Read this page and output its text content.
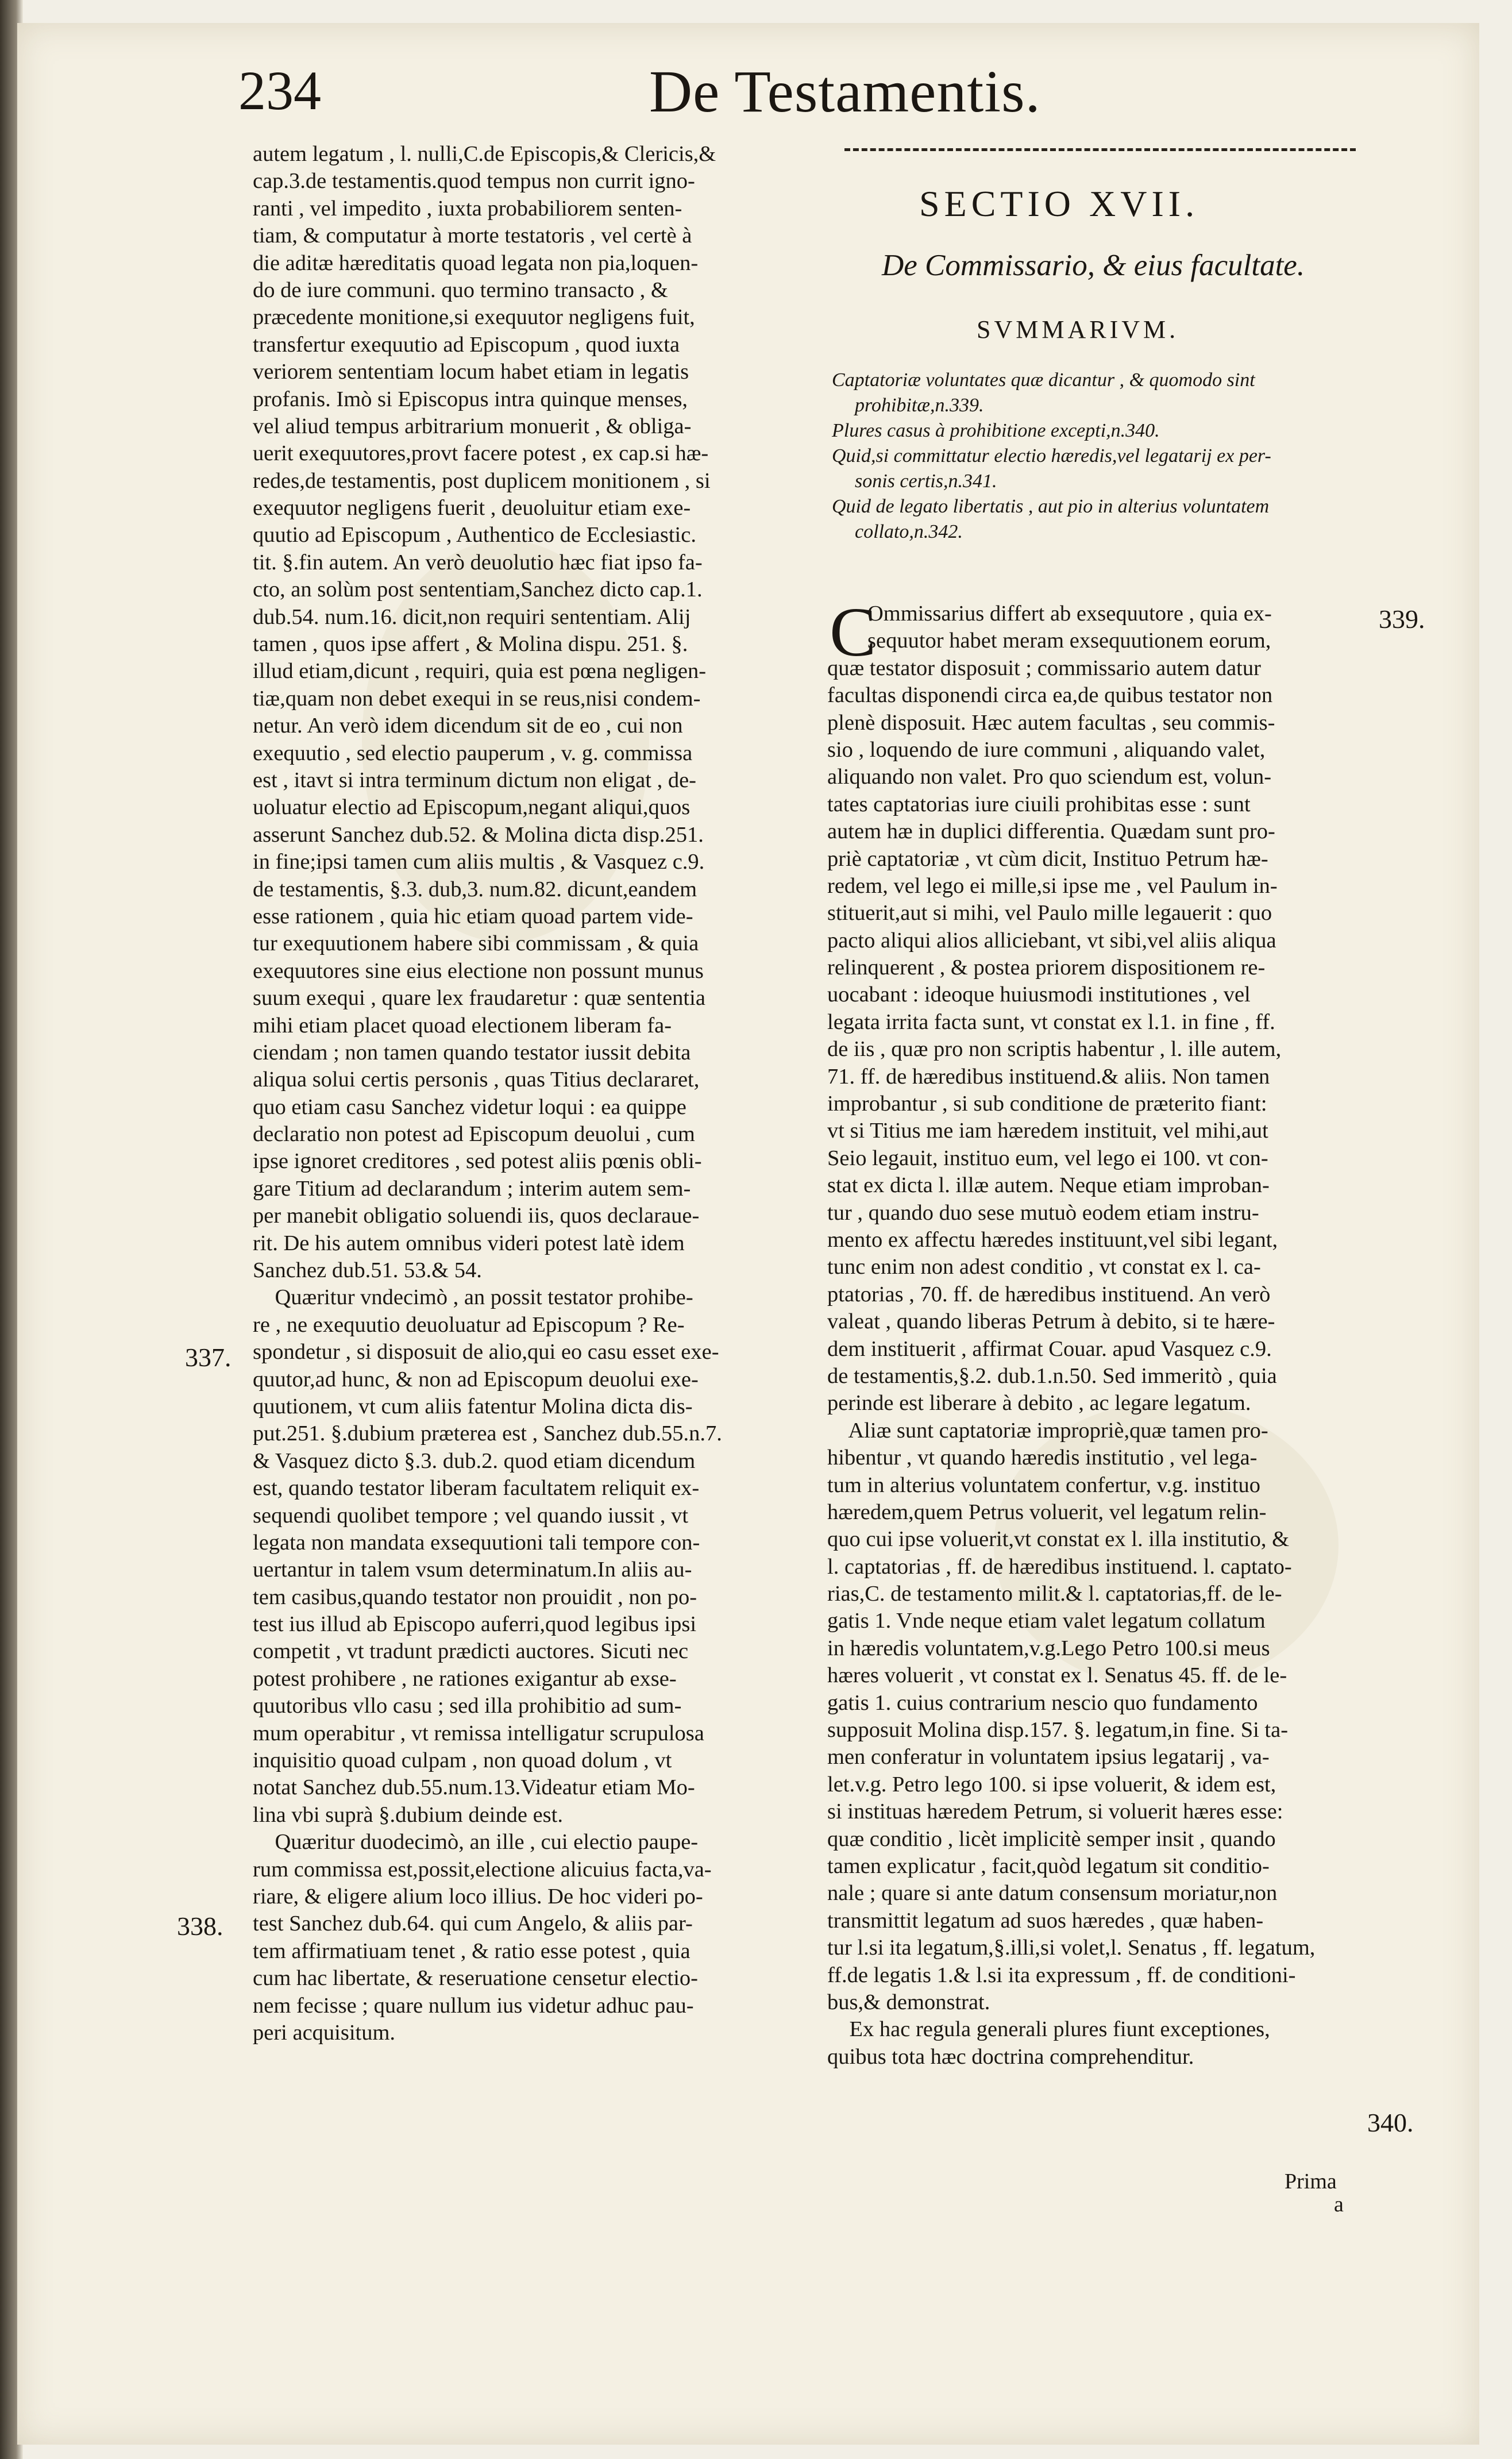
234	De Testamentis.
autem legatum , l. nulli,C.de Episcopis,& Clericis,&
cap.3.de testamentis.quod tempus non currit igno-
ranti , vel impedito , iuxta probabiliorem senten-
tiam, & computatur à morte testatoris , vel certè à
die aditæ hæreditatis quoad legata non pia,loquen-
do de iure communi. quo termino transacto , &
præcedente monitione,si exequutor negligens fuit,
transfertur exequutio ad Episcopum , quod iuxta
veriorem sententiam locum habet etiam in legatis
profanis. Imò si Episcopus intra quinque menses,
vel aliud tempus arbitrarium monuerit , & obliga-
uerit exequutores,provt facere potest , ex cap.si hæ-
redes,de testamentis, post duplicem monitionem , si
exequutor negligens fuerit , deuoluitur etiam exe-
quutio ad Episcopum , Authentico de Ecclesiastic.
tit. §.fin autem. An verò deuolutio hæc fiat ipso fa-
cto, an solùm post sententiam,Sanchez dicto cap.1.
dub.54. num.16. dicit,non requiri sententiam. Alij
tamen , quos ipse affert , & Molina dispu. 251. §.
illud etiam,dicunt , requiri, quia est pœna negligen-
tiæ,quam non debet exequi in se reus,nisi condem-
netur. An verò idem dicendum sit de eo , cui non
exequutio , sed electio pauperum , v. g. commissa
est , itavt si intra terminum dictum non eligat , de-
uoluatur electio ad Episcopum,negant aliqui,quos
asserunt Sanchez dub.52. & Molina dicta disp.251.
in fine;ipsi tamen cum aliis multis , & Vasquez c.9.
de testamentis, §.3. dub,3. num.82. dicunt,eandem
esse rationem , quia hic etiam quoad partem vide-
tur exequutionem habere sibi commissam , & quia
exequutores sine eius electione non possunt munus
suum exequi , quare lex fraudaretur : quæ sententia
mihi etiam placet quoad electionem liberam fa-
ciendam ; non tamen quando testator iussit debita
aliqua solui certis personis , quas Titius declararet,
quo etiam casu Sanchez videtur loqui : ea quippe
declaratio non potest ad Episcopum deuolui , cum
ipse ignoret creditores , sed potest aliis pœnis obli-
gare Titium ad declarandum ; interim autem sem-
per manebit obligatio soluendi iis, quos declaraue-
rit. De his autem omnibus videri potest latè idem
Sanchez dub.51. 53.& 54.
Quæritur vndecimò , an possit testator prohibe-
re , ne exequutio deuoluatur ad Episcopum ? Re-
spondetur , si disposuit de alio,qui eo casu esset exe-
quutor,ad hunc, & non ad Episcopum deuolui exe-
quutionem, vt cum aliis fatentur Molina dicta dis-
put.251. §.dubium præterea est , Sanchez dub.55.n.7.
& Vasquez dicto §.3. dub.2. quod etiam dicendum
est, quando testator liberam facultatem reliquit ex-
sequendi quolibet tempore ; vel quando iussit , vt
legata non mandata exsequutioni tali tempore con-
uertantur in talem vsum determinatum.In aliis au-
tem casibus,quando testator non prouidit , non po-
test ius illud ab Episcopo auferri,quod legibus ipsi
competit , vt tradunt prædicti auctores. Sicuti nec
potest prohibere , ne rationes exigantur ab exse-
quutoribus vllo casu ; sed illa prohibitio ad sum-
mum operabitur , vt remissa intelligatur scrupulosa
inquisitio quoad culpam , non quoad dolum , vt
notat Sanchez dub.55.num.13.Videatur etiam Mo-
lina vbi suprà §.dubium deinde est.
Quæritur duodecimò, an ille , cui electio paupe-
rum commissa est,possit,electione alicuius facta,va-
riare, & eligere alium loco illius. De hoc videri po-
test Sanchez dub.64. qui cum Angelo, & aliis par-
tem affirmatiuam tenet , & ratio esse potest , quia
cum hac libertate, & reseruatione censetur electio-
nem fecisse ; quare nullum ius videtur adhuc pau-
peri acquisitum.
337.
338.
339.
340.
SECTIO XVII.
De Commissario, & eius facultate.
SVMMARIVM.
Captatoriæ voluntates quæ dicantur , & quomodo sint
prohibitæ,n.339.
Plures casus à prohibitione excepti,n.340.
Quid,si committatur electio hæredis,vel legatarij ex per-
sonis certis,n.341.
Quid de legato libertatis , aut pio in alterius voluntatem
collato,n.342.
C
Ommissarius differt ab exsequutore , quia ex-
sequutor habet meram exsequutionem eorum,
quæ testator disposuit ; commissario autem datur
facultas disponendi circa ea,de quibus testator non
plenè disposuit. Hæc autem facultas , seu commis-
sio , loquendo de iure communi , aliquando valet,
aliquando non valet. Pro quo sciendum est, volun-
tates captatorias iure ciuili prohibitas esse : sunt
autem hæ in duplici differentia. Quædam sunt pro-
priè captatoriæ , vt cùm dicit, Instituo Petrum hæ-
redem, vel lego ei mille,si ipse me , vel Paulum in-
stituerit,aut si mihi, vel Paulo mille legauerit : quo
pacto aliqui alios alliciebant, vt sibi,vel aliis aliqua
relinquerent , & postea priorem dispositionem re-
uocabant : ideoque huiusmodi institutiones , vel
legata irrita facta sunt, vt constat ex l.1. in fine , ff.
de iis , quæ pro non scriptis habentur , l. ille autem,
71. ff. de hæredibus instituend.& aliis. Non tamen
improbantur , si sub conditione de præterito fiant:
vt si Titius me iam hæredem instituit, vel mihi,aut
Seio legauit, instituo eum, vel lego ei 100. vt con-
stat ex dicta l. illæ autem. Neque etiam improban-
tur , quando duo sese mutuò eodem etiam instru-
mento ex affectu hæredes instituunt,vel sibi legant,
tunc enim non adest conditio , vt constat ex l. ca-
ptatorias , 70. ff. de hæredibus instituend. An verò
valeat , quando liberas Petrum à debito, si te hære-
dem instituerit , affirmat Couar. apud Vasquez c.9.
de testamentis,§.2. dub.1.n.50. Sed immeritò , quia
perinde est liberare à debito , ac legare legatum.
Aliæ sunt captatoriæ impropriè,quæ tamen pro-
hibentur , vt quando hæredis institutio , vel lega-
tum in alterius voluntatem confertur, v.g. instituo
hæredem,quem Petrus voluerit, vel legatum relin-
quo cui ipse voluerit,vt constat ex l. illa institutio, &
l. captatorias , ff. de hæredibus instituend. l. captato-
rias,C. de testamento milit.& l. captatorias,ff. de le-
gatis 1. Vnde neque etiam valet legatum collatum
in hæredis voluntatem,v.g.Lego Petro 100.si meus
hæres voluerit , vt constat ex l. Senatus 45. ff. de le-
gatis 1. cuius contrarium nescio quo fundamento
supposuit Molina disp.157. §. legatum,in fine. Si ta-
men conferatur in voluntatem ipsius legatarij , va-
let.v.g. Petro lego 100. si ipse voluerit, & idem est,
si instituas hæredem Petrum, si voluerit hæres esse:
quæ conditio , licèt implicitè semper insit , quando
tamen explicatur , facit,quòd legatum sit conditio-
nale ; quare si ante datum consensum moriatur,non
transmittit legatum ad suos hæredes , quæ haben-
tur l.si ita legatum,§.illi,si volet,l. Senatus , ff. legatum,
ff.de legatis 1.& l.si ita expressum , ff. de conditioni-
bus,& demonstrat.
Ex hac regula generali plures fiunt exceptiones,
quibus tota hæc doctrina comprehenditur.
Prima
a
